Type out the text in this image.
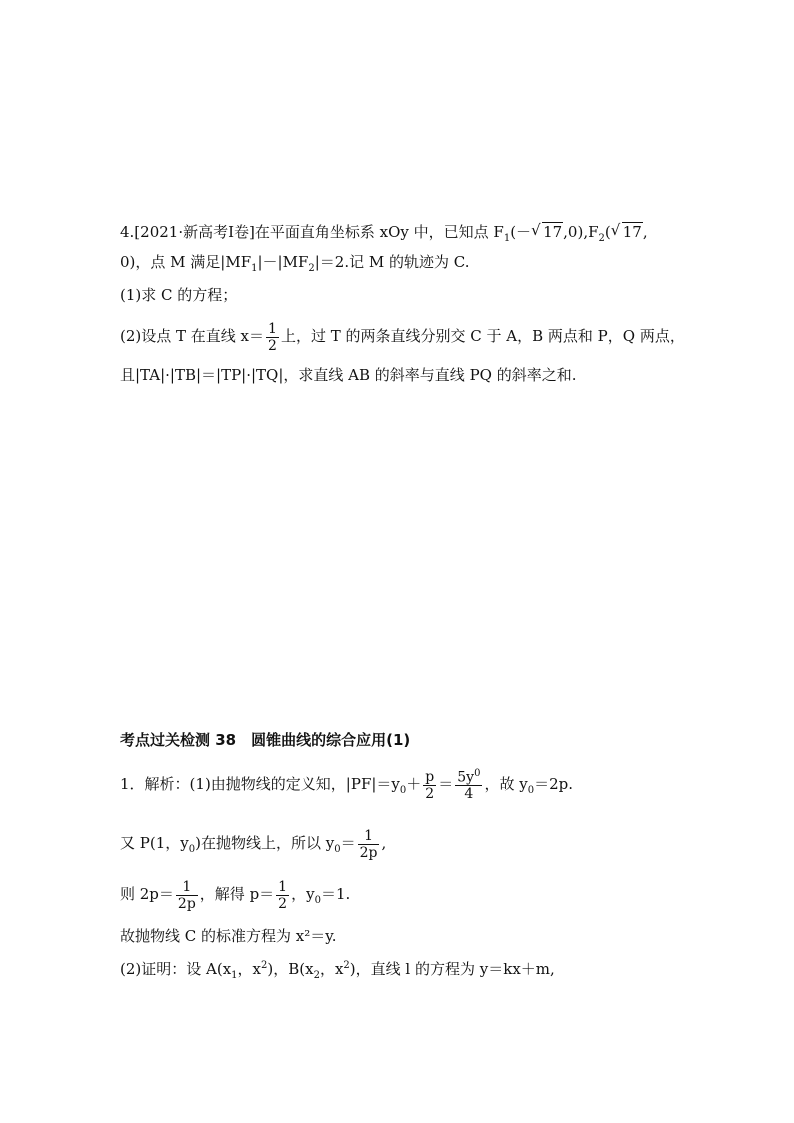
4.[2021·新高考Ⅰ卷]在平面直角坐标系 xOy 中，已知点 $F_1(-$ √ $17,0),F_2$( √ 17,
0)，点 M 满足$|MF_1|-|MF_2|=2$.记 M 的轨迹为 C.
(1)求 C 的方程；
(2)设点 T 在直线 $x= \frac{1}{2}$ 上，过 T 的两条直线分别交 C 于 A，B 两点和 P，Q 两点，
且|TA|·|TB|＝|TP|·|TQ|，求直线 AB 的斜率与直线 PQ 的斜率之和.
考点过关检测 38　圆锥曲线的综合应用(1)
1．解析：(1)由抛物线的定义知，$|PF|=y_0+ \frac{p}{2} = \frac{5y^0}{4}$ ，故 $y_0=2p$.
又 P(1，$y_0$)在抛物线上，所以 $y_0= \frac{1}{2p}$ ,
则 $2p= \frac{1}{2p}$ ，解得 $p= \frac{1}{2}$ ，$y_0=1$.
故抛物线 C 的标准方程为 x²＝y.
(2)证明：设 $A(x_1$，$x^2$)，$B(x_2$，$x^2$)，直线 l 的方程为 y＝kx＋m,
